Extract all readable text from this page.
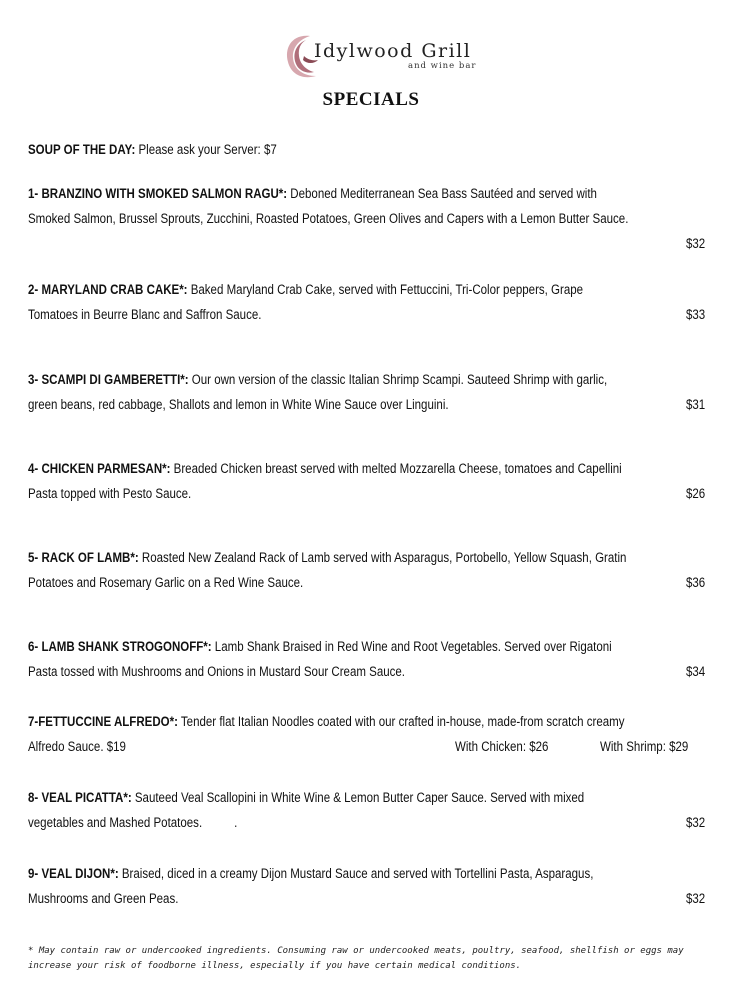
Idylwood Grill
and wine bar
SPECIALS
SOUP OF THE DAY: Please ask your Server: $7
1- BRANZINO WITH SMOKED SALMON RAGU*: Deboned Mediterranean Sea Bass Sautéed and served with
Smoked Salmon, Brussel Sprouts, Zucchini, Roasted Potatoes, Green Olives and Capers with a Lemon Butter Sauce.
$32
2- MARYLAND CRAB CAKE*: Baked Maryland Crab Cake, served with Fettuccini, Tri-Color peppers, Grape
Tomatoes in Beurre Blanc and Saffron Sauce.	$33
3- SCAMPI DI GAMBERETTI*: Our own version of the classic Italian Shrimp Scampi. Sauteed Shrimp with garlic,
green beans, red cabbage, Shallots and lemon in White Wine Sauce over Linguini.	$31
4- CHICKEN PARMESAN*: Breaded Chicken breast served with melted Mozzarella Cheese, tomatoes and Capellini
Pasta topped with Pesto Sauce.	$26
5- RACK OF LAMB*: Roasted New Zealand Rack of Lamb served with Asparagus, Portobello, Yellow Squash, Gratin
Potatoes and Rosemary Garlic on a Red Wine Sauce.	$36
6- LAMB SHANK STROGONOFF*: Lamb Shank Braised in Red Wine and Root Vegetables. Served over Rigatoni
Pasta tossed with Mushrooms and Onions in Mustard Sour Cream Sauce.	$34
7-FETTUCCINE ALFREDO*: Tender flat Italian Noodles coated with our crafted in-house, made-from scratch creamy
Alfredo Sauce. $19	With Chicken: $26	With Shrimp: $29
8- VEAL PICATTA*: Sauteed Veal Scallopini in White Wine & Lemon Butter Caper Sauce. Served with mixed
vegetables and Mashed Potatoes.          .	$32
9- VEAL DIJON*: Braised, diced in a creamy Dijon Mustard Sauce and served with Tortellini Pasta, Asparagus,
Mushrooms and Green Peas.	$32
* May contain raw or undercooked ingredients. Consuming raw or undercooked meats, poultry, seafood, shellfish or eggs may increase your risk of foodborne illness, especially if you have certain medical conditions.
